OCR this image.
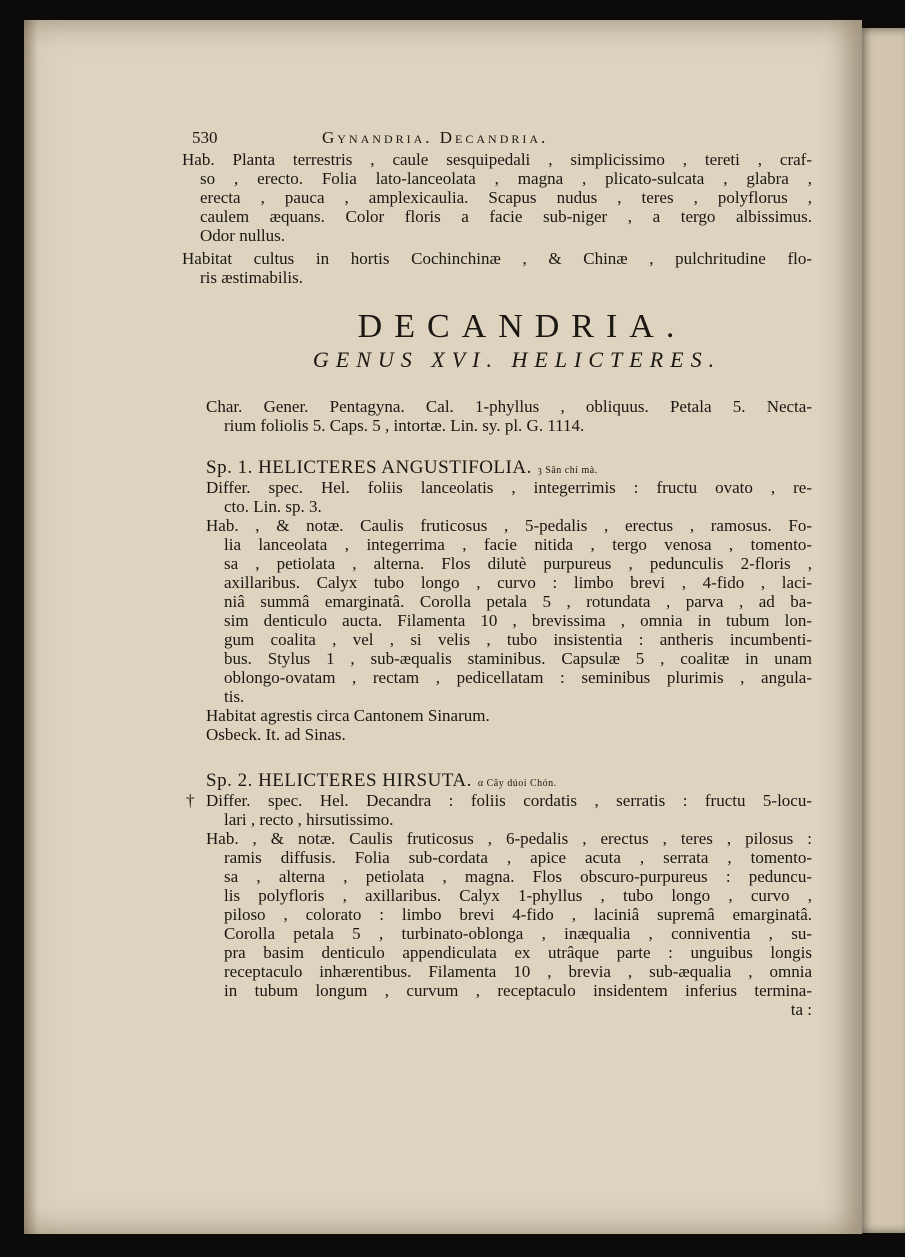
†
530	Gynandria. Decandria.
Hab. Planta terrestris , caule sesquipedali , simplicissimo , tereti , craf-
so , erecto. Folia lato-lanceolata , magna , plicato-sulcata , glabra ,
erecta , pauca , amplexicaulia. Scapus nudus , teres , polyflorus ,
caulem æquans. Color floris a facie sub-niger , a tergo albissimus.
Odor nullus.
Habitat cultus in hortis Cochinchinæ , & Chinæ , pulchritudine flo-
ris æstimabilis.
DECANDRIA.
GENUS XVI. HELICTERES.
Char. Gener. Pentagyna. Cal. 1-phyllus , obliquus. Petala 5. Necta-
rium foliolis 5. Caps. 5 , intortæ. Lin. sy. pl. G. 1114.
Sp. 1. HELICTERES ANGUSTIFOLIA. ȝ Sān chí mà.
Differ. spec. Hel. foliis lanceolatis , integerrimis : fructu ovato , re-
cto. Lin. sp. 3.
Hab. , & notæ. Caulis fruticosus , 5-pedalis , erectus , ramosus. Fo-
lia lanceolata , integerrima , facie nitida , tergo venosa , tomento-
sa , petiolata , alterna. Flos dilutè purpureus , pedunculis 2-floris ,
axillaribus. Calyx tubo longo , curvo : limbo brevi , 4-fido , laci-
niâ summâ emarginatâ. Corolla petala 5 , rotundata , parva , ad ba-
sim denticulo aucta. Filamenta 10 , brevissima , omnia in tubum lon-
gum coalita , vel , si velis , tubo insistentia : antheris incumbenti-
bus. Stylus 1 , sub-æqualis staminibus. Capsulæ 5 , coalitæ in unam
oblongo-ovatam , rectam , pedicellatam : seminibus plurimis , angula-
tis.
Habitat agrestis circa Cantonem Sinarum.
Osbeck. It. ad Sinas.
Sp. 2. HELICTERES HIRSUTA. α Cây dúoi Chón.
Differ. spec. Hel. Decandra : foliis cordatis , serratis : fructu 5-locu-
lari , recto , hirsutissimo.
Hab. , & notæ. Caulis fruticosus , 6-pedalis , erectus , teres , pilosus :
ramis diffusis. Folia sub-cordata , apice acuta , serrata , tomento-
sa , alterna , petiolata , magna. Flos obscuro-purpureus : peduncu-
lis polyfloris , axillaribus. Calyx 1-phyllus , tubo longo , curvo ,
piloso , colorato : limbo brevi 4-fido , laciniâ supremâ emarginatâ.
Corolla petala 5 , turbinato-oblonga , inæqualia , conniventia , su-
pra basim denticulo appendiculata ex utrâque parte : unguibus longis
receptaculo inhærentibus. Filamenta 10 , brevia , sub-æqualia , omnia
in tubum longum , curvum , receptaculo insidentem inferius termina-
ta :
